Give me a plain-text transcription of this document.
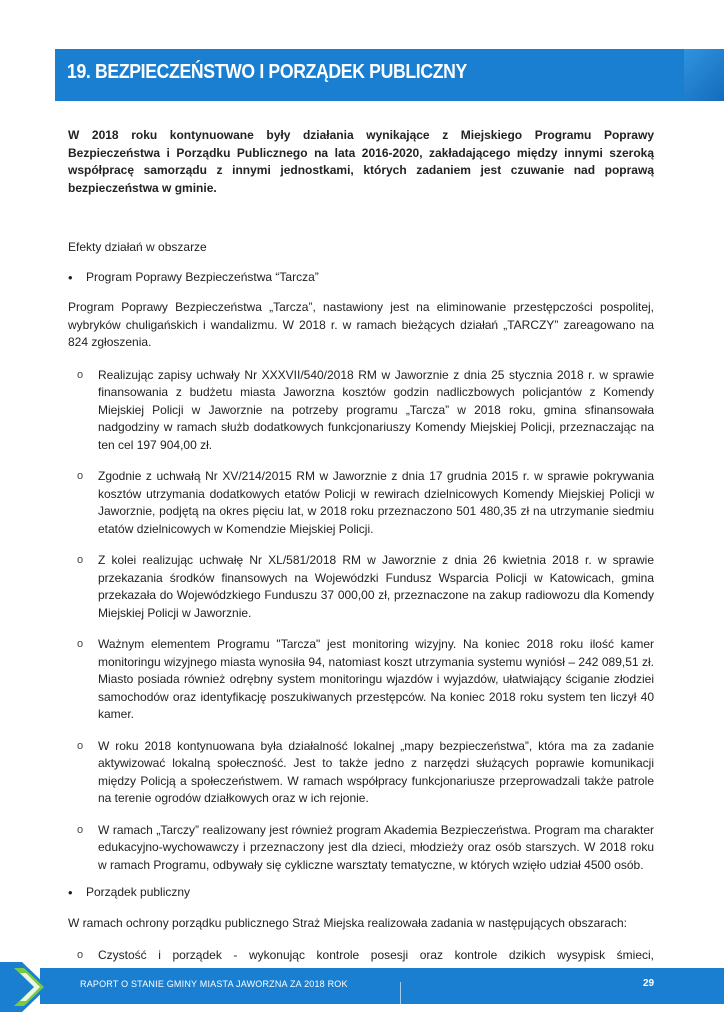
19. BEZPIECZEŃSTWO I PORZĄDEK PUBLICZNY

W 2018 roku kontynuowane były działania wynikające z Miejskiego Programu Poprawy Bezpieczeństwa i Porządku Publicznego na lata 2016-2020, zakładającego między innymi szeroką współpracę samorządu z innymi jednostkami, których zadaniem jest czuwanie nad poprawą bezpieczeństwa w gminie.

Efekty działań w obszarze

• Program Poprawy Bezpieczeństwa “Tarcza”

Program Poprawy Bezpieczeństwa „Tarcza”, nastawiony jest na eliminowanie przestępczości pospolitej, wybryków chuligańskich i wandalizmu. W 2018 r. w ramach bieżących działań „TARCZY” zareagowano na 824 zgłoszenia.

o Realizując zapisy uchwały Nr XXXVII/540/2018 RM w Jaworznie z dnia 25 stycznia 2018 r. w sprawie finansowania z budżetu miasta Jaworzna kosztów godzin nadliczbowych policjantów z Komendy Miejskiej Policji w Jaworznie na potrzeby programu „Tarcza” w 2018 roku, gmina sfinansowała nadgodziny w ramach służb dodatkowych funkcjonariuszy Komendy Miejskiej Policji, przeznaczając na ten cel 197 904,00 zł.
o Zgodnie z uchwałą Nr XV/214/2015 RM w Jaworznie z dnia 17 grudnia 2015 r. w sprawie pokrywania kosztów utrzymania dodatkowych etatów Policji w rewirach dzielnicowych Komendy Miejskiej Policji w Jaworznie, podjętą na okres pięciu lat, w 2018 roku przeznaczono 501 480,35 zł na utrzymanie siedmiu etatów dzielnicowych w Komendzie Miejskiej Policji.
o Z kolei realizując uchwałę Nr XL/581/2018 RM w Jaworznie z dnia 26 kwietnia 2018 r. w sprawie przekazania środków finansowych na Wojewódzki Fundusz Wsparcia Policji w Katowicach, gmina przekazała do Wojewódzkiego Funduszu 37 000,00 zł, przeznaczone na zakup radiowozu dla Komendy Miejskiej Policji w Jaworznie.
o Ważnym elementem Programu "Tarcza" jest monitoring wizyjny. Na koniec 2018 roku ilość kamer monitoringu wizyjnego miasta wynosiła 94, natomiast koszt utrzymania systemu wyniósł – 242 089,51 zł. Miasto posiada również odrębny system monitoringu wjazdów i wyjazdów, ułatwiający ściganie złodziei samochodów oraz identyfikację poszukiwanych przestępców. Na koniec 2018 roku system ten liczył 40 kamer.
o W roku 2018 kontynuowana była działalność lokalnej „mapy bezpieczeństwa”, która ma za zadanie aktywizować lokalną społeczność. Jest to także jedno z narzędzi służących poprawie komunikacji między Policją a społeczeństwem. W ramach współpracy funkcjonariusze przeprowadzali także patrole na terenie ogrodów działkowych oraz w ich rejonie.
o W ramach „Tarczy” realizowany jest również program Akademia Bezpieczeństwa. Program ma charakter edukacyjno-wychowawczy i przeznaczony jest dla dzieci, młodzieży oraz osób starszych. W 2018 roku w ramach Programu, odbywały się cykliczne warsztaty tematyczne, w których wzięło udział 4500 osób.

• Porządek publiczny

W ramach ochrony porządku publicznego Straż Miejska realizowała zadania w następujących obszarach:

o Czystość i porządek - wykonując kontrole posesji oraz kontrole dzikich wysypisk śmieci,
RAPORT O STANIE GMINY MIASTA JAWORZNA ZA 2018 ROK	29
